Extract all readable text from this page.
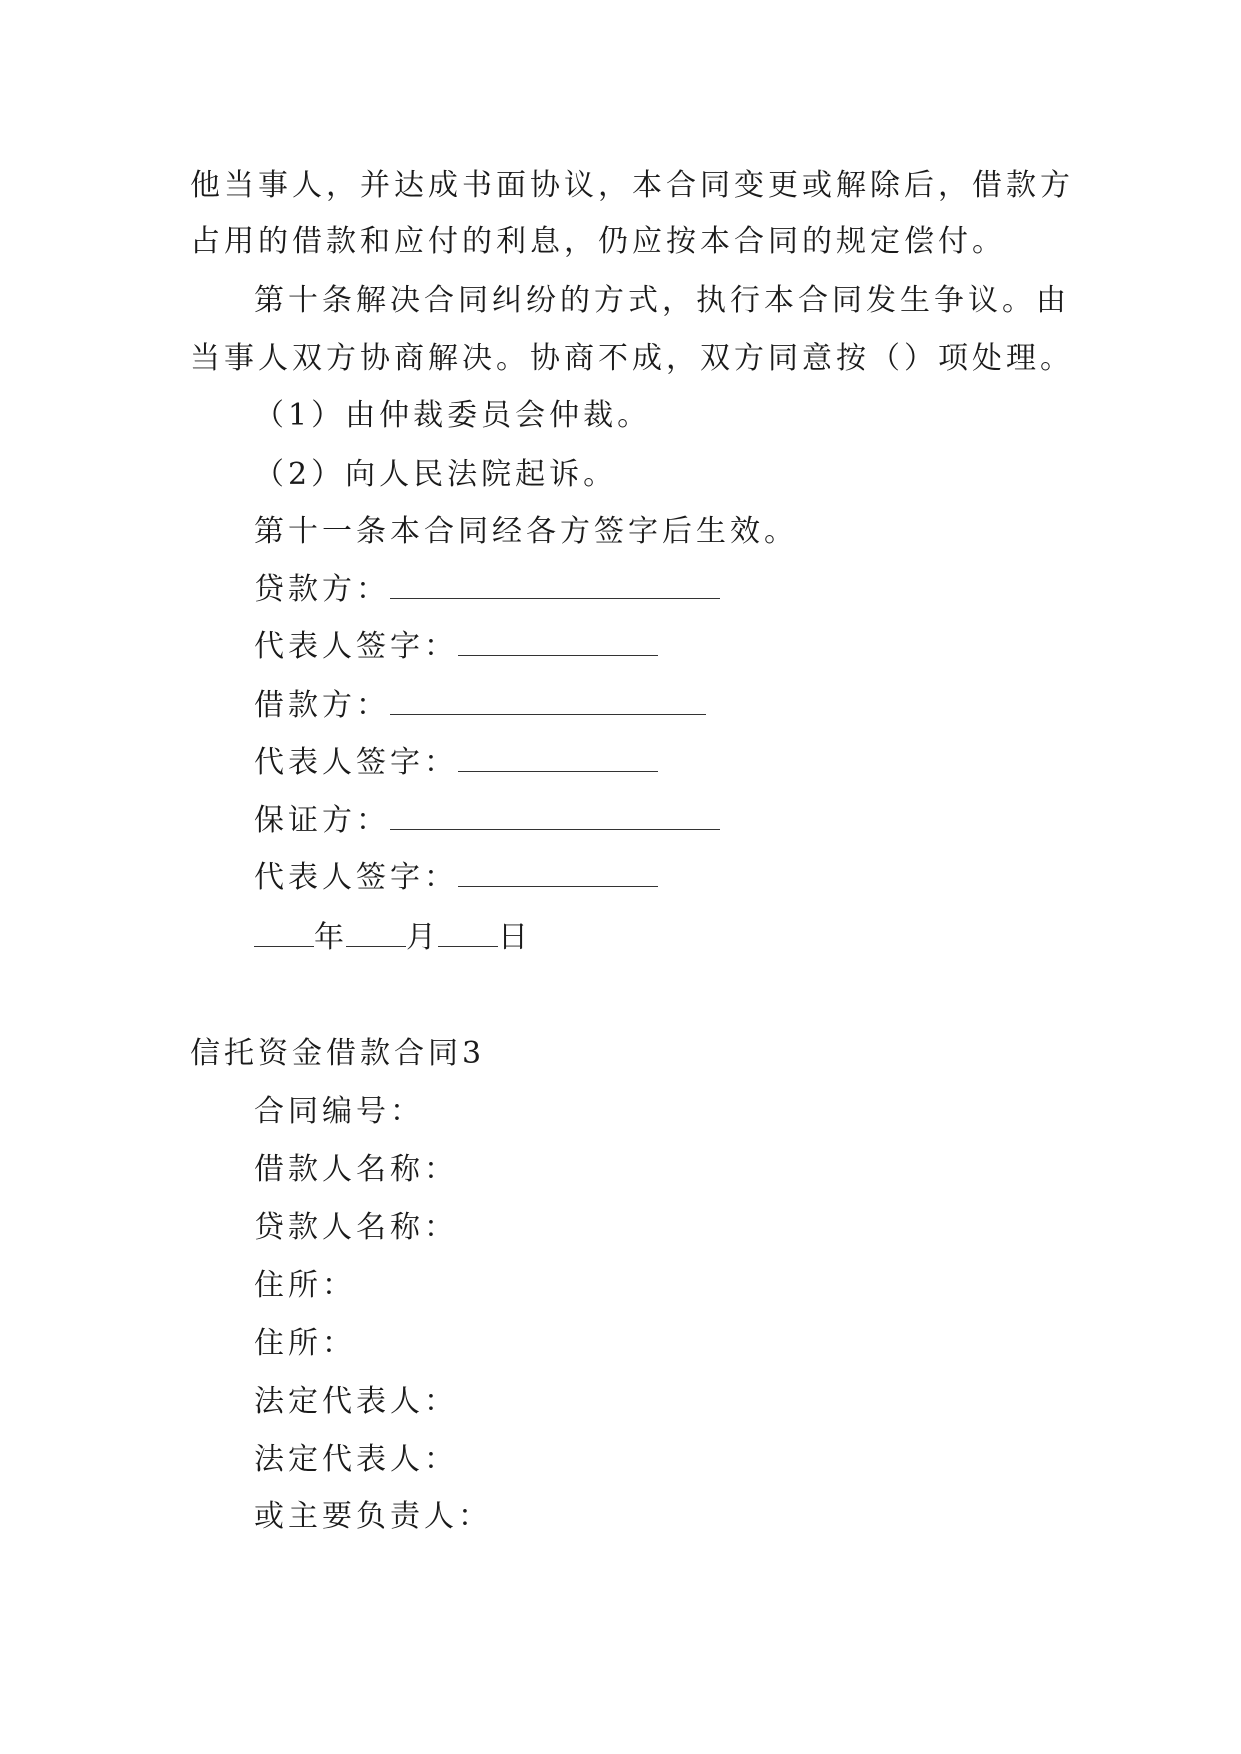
他当事人，并达成书面协议，本合同变更或解除后，借款方
占用的借款和应付的利息，仍应按本合同的规定偿付。
第十条解决合同纠纷的方式，执行本合同发生争议。由
当事人双方协商解决。协商不成，双方同意按（）项处理。
（1）由仲裁委员会仲裁。
（2）向人民法院起诉。
第十一条本合同经各方签字后生效。
贷款方：
代表人签字：
借款方：
代表人签字：
保证方：
代表人签字：
年 月 日
信托资金借款合同3
合同编号：
借款人名称：
贷款人名称：
住所：
住所：
法定代表人：
法定代表人：
或主要负责人：
